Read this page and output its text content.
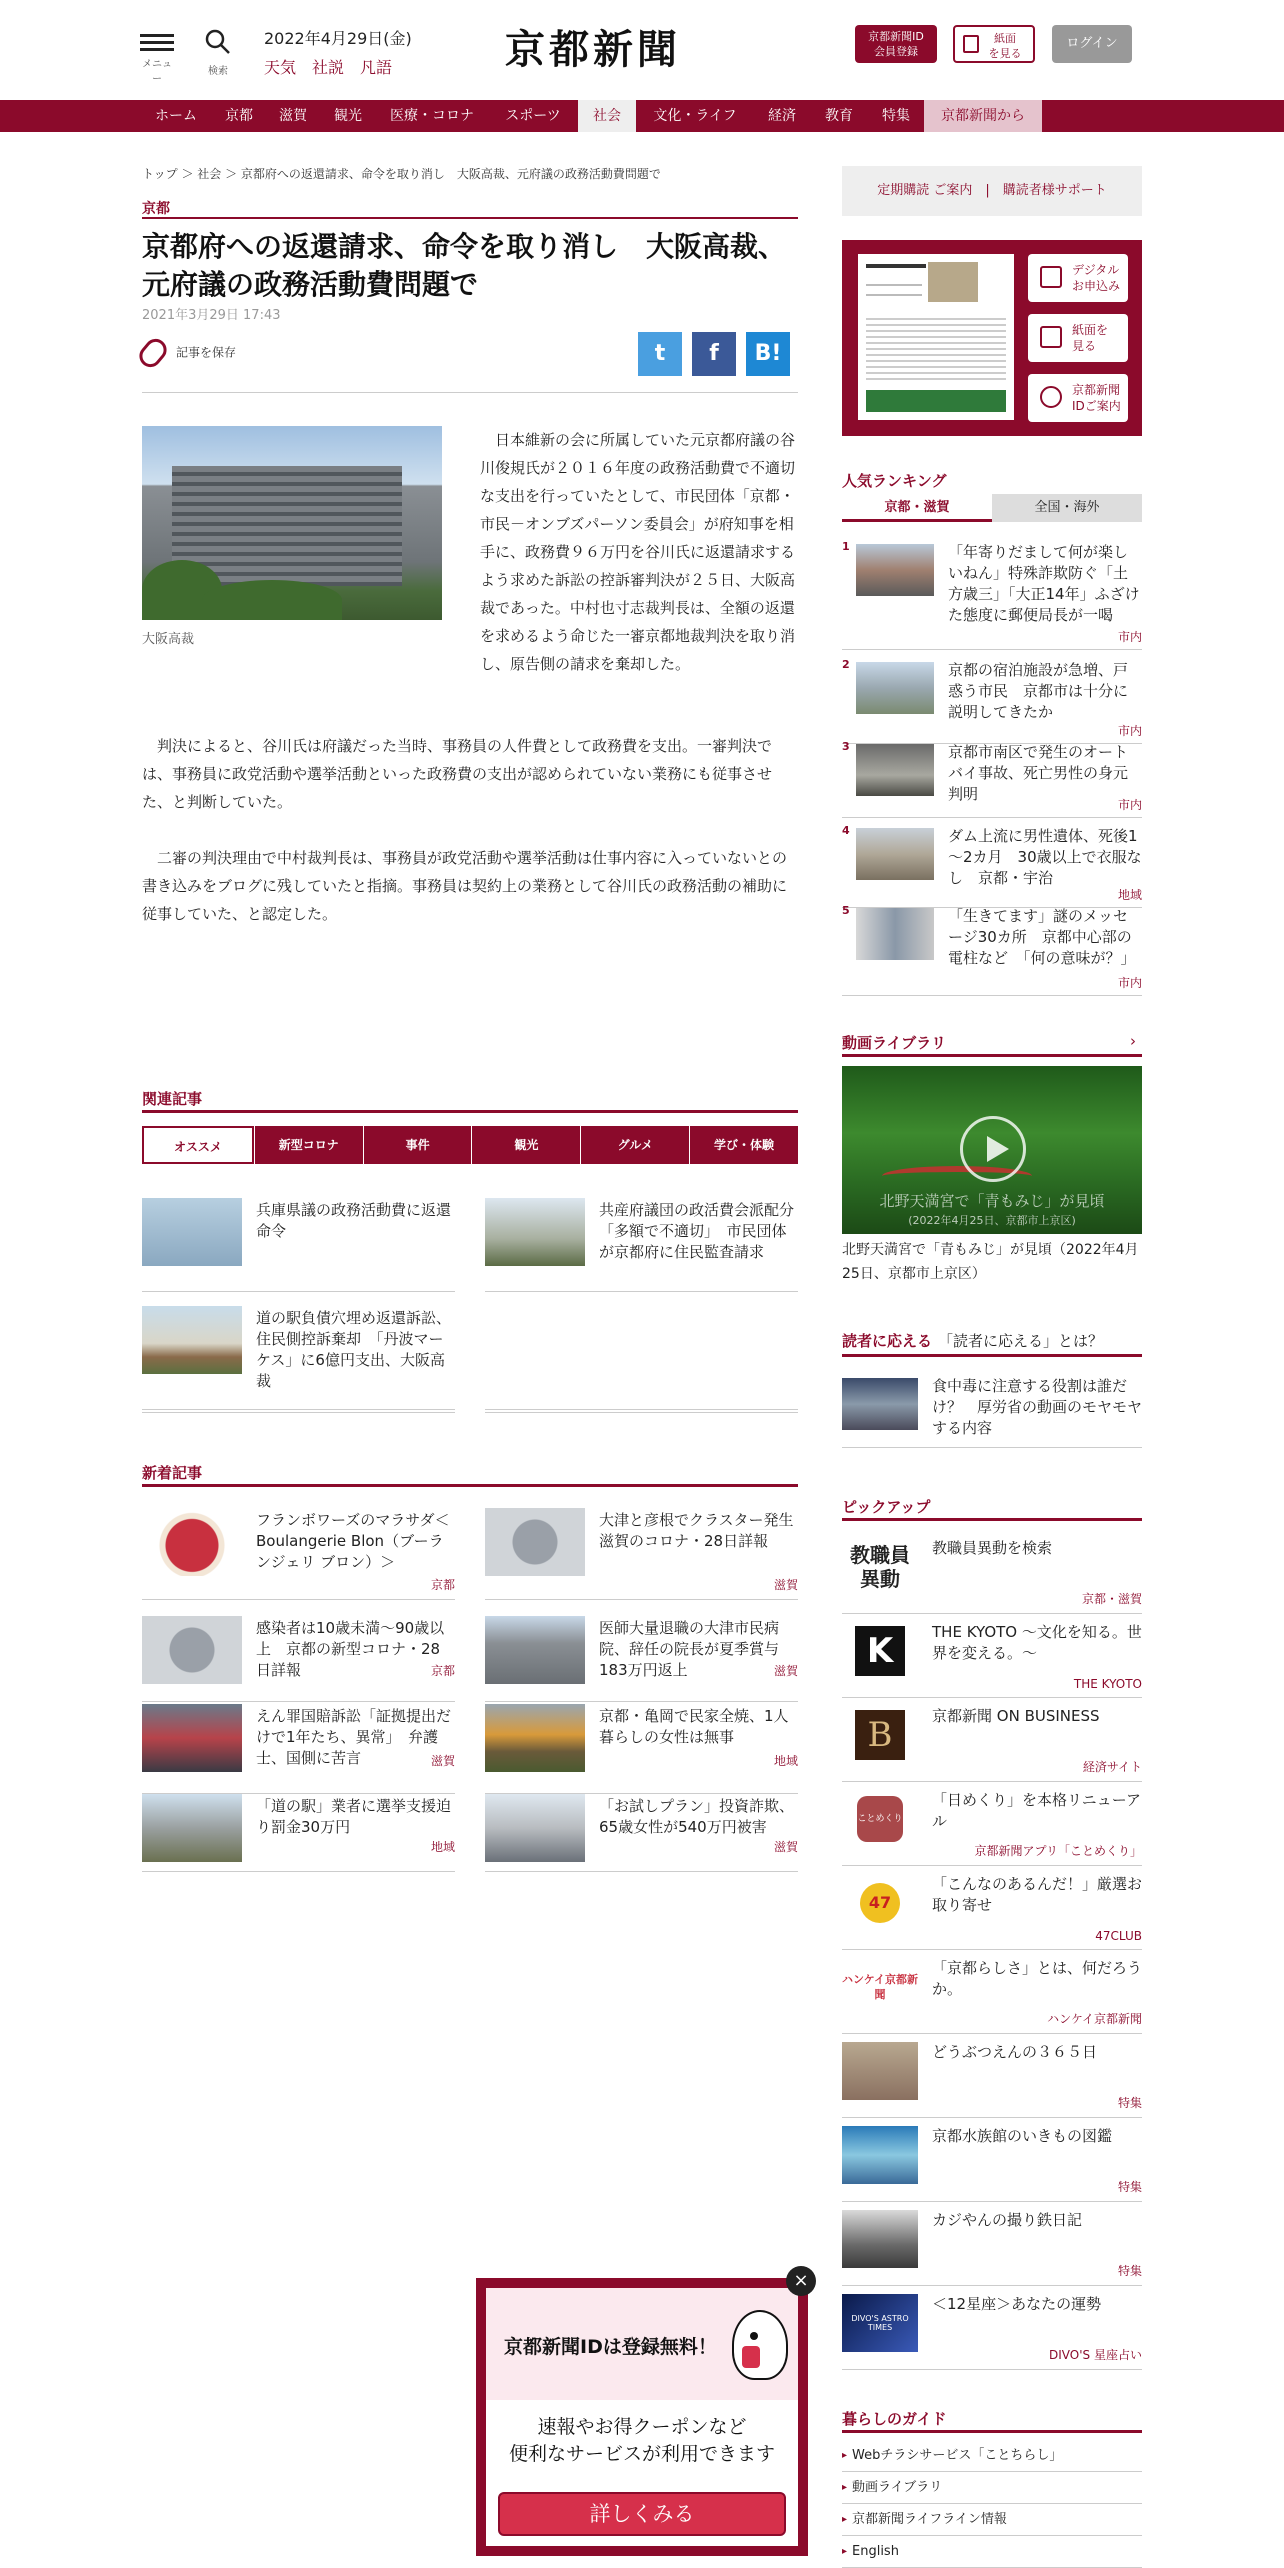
メニュー
検索
2022年4月29日(金)
天気 社説 凡語	京都新聞	京都新聞ID
会員登録
紙面
を見る
ログイン
ホーム	京都	滋賀	観光	医療・コロナ	スポーツ	社会	文化・ライフ	経済	教育	特集	京都新聞から
トップ ＞ 社会 ＞ 京都府への返還請求、命令を取り消し　大阪高裁、元府議の政務活動費問題で
京都
京都府への返還請求、命令を取り消し　大阪高裁、元府議の政務活動費問題で
2021年3月29日 17:43
記事を保存	t	f	B!
大阪高裁

日本維新の会に所属していた元京都府議の谷川俊規氏が２０１６年度の政務活動費で不適切な支出を行っていたとして、市民団体「京都・市民－オンブズパーソン委員会」が府知事を相手に、政務費９６万円を谷川氏に返還請求するよう求めた訴訟の控訴審判決が２５日、大阪高裁であった。中村也寸志裁判長は、全額の返還を求めるよう命じた一審京都地裁判決を取り消し、原告側の請求を棄却した。

判決によると、谷川氏は府議だった当時、事務員の人件費として政務費を支出。一審判決では、事務員に政党活動や選挙活動といった政務費の支出が認められていない業務にも従事させた、と判断していた。

二審の判決理由で中村裁判長は、事務員が政党活動や選挙活動は仕事内容に入っていないとの書き込みをブログに残していたと指摘。事務員は契約上の業務として谷川氏の政務活動の補助に従事していた、と認定した。

関連記事
オススメ	新型コロナ	事件	観光	グルメ	学び・体験
兵庫県議の政務活動費に返還命令
共産府議団の政活費会派配分「多額で不適切」　市民団体が京都府に住民監査請求
道の駅負債穴埋め返還訴訟、住民側控訴棄却　「丹波マーケス」に6億円支出、大阪高裁
新着記事
フランボワーズのマラサダ＜Boulangerie Blon（ブーランジェリ ブロン）＞
京都
大津と彦根でクラスター発生　滋賀のコロナ・28日詳報
滋賀
感染者は10歳未満～90歳以上　京都の新型コロナ・28日詳報	京都
医師大量退職の大津市民病院、辞任の院長が夏季賞与183万円返上	滋賀
えん罪国賠訴訟「証拠提出だけで1年たち、異常」　弁護士、国側に苦言	滋賀
京都・亀岡で民家全焼、1人暮らしの女性は無事
地域
「道の駅」業者に選挙支援迫り罰金30万円
地域
「お試しプラン」投資詐欺、65歳女性が540万円被害
滋賀
定期購読 ご案内　|　購読者様サポート
デジタル
お申込み
紙面を
見る
京都新聞
IDご案内
人気ランキング
京都・滋賀	全国・海外
1	「年寄りだまして何が楽しいねん」特殊詐欺防ぐ「土方歳三」「大正14年」ふざけた態度に郵便局長が一喝
市内
2	京都の宿泊施設が急増、戸惑う市民　京都市は十分に説明してきたか
市内
3	京都市南区で発生のオートバイ事故、死亡男性の身元判明
市内
4	ダム上流に男性遺体、死後1～2カ月　30歳以上で衣服なし　京都・宇治
地域
5	「生きてます」謎のメッセージ30カ所　京都中心部の電柱など　「何の意味が？」
市内
動画ライブラリ	›
北野天満宮で「青もみじ」が見頃
(2022年4月25日、京都市上京区)
北野天満宮で「青もみじ」が見頃（2022年4月25日、京都市上京区）
読者に応える 「読者に応える」とは？
食中毒に注意する役割は誰だけ？　厚労省の動画のモヤモヤする内容
ピックアップ
教職員
異動
教職員異動を検索
京都・滋賀
K	THE KYOTO ～文化を知る。世界を変える。～
THE KYOTO
B	京都新聞 ON BUSINESS
経済サイト
ことめくり
「日めくり」を本格リニューアル
京都新聞アプリ「ことめくり」
47
「こんなのあるんだ！」厳選お取り寄せ
47CLUB
ハンケイ京都新聞
「京都らしさ」とは、何だろうか。
ハンケイ京都新聞
どうぶつえんの３６５日
特集
京都水族館のいきもの図鑑
特集
カジやんの撮り鉄日記
特集
DIVO'S ASTRO TIMES
＜12星座＞あなたの運勢
DIVO'S 星座占い
暮らしのガイド
▸ Webチラシサービス「ことちらし」
▸ 動画ライブラリ
▸ 京都新聞ライフライン情報
▸ English
京都新聞IDは登録無料！
速報やお得クーポンなど
便利なサービスが利用できます
詳しくみる
×
